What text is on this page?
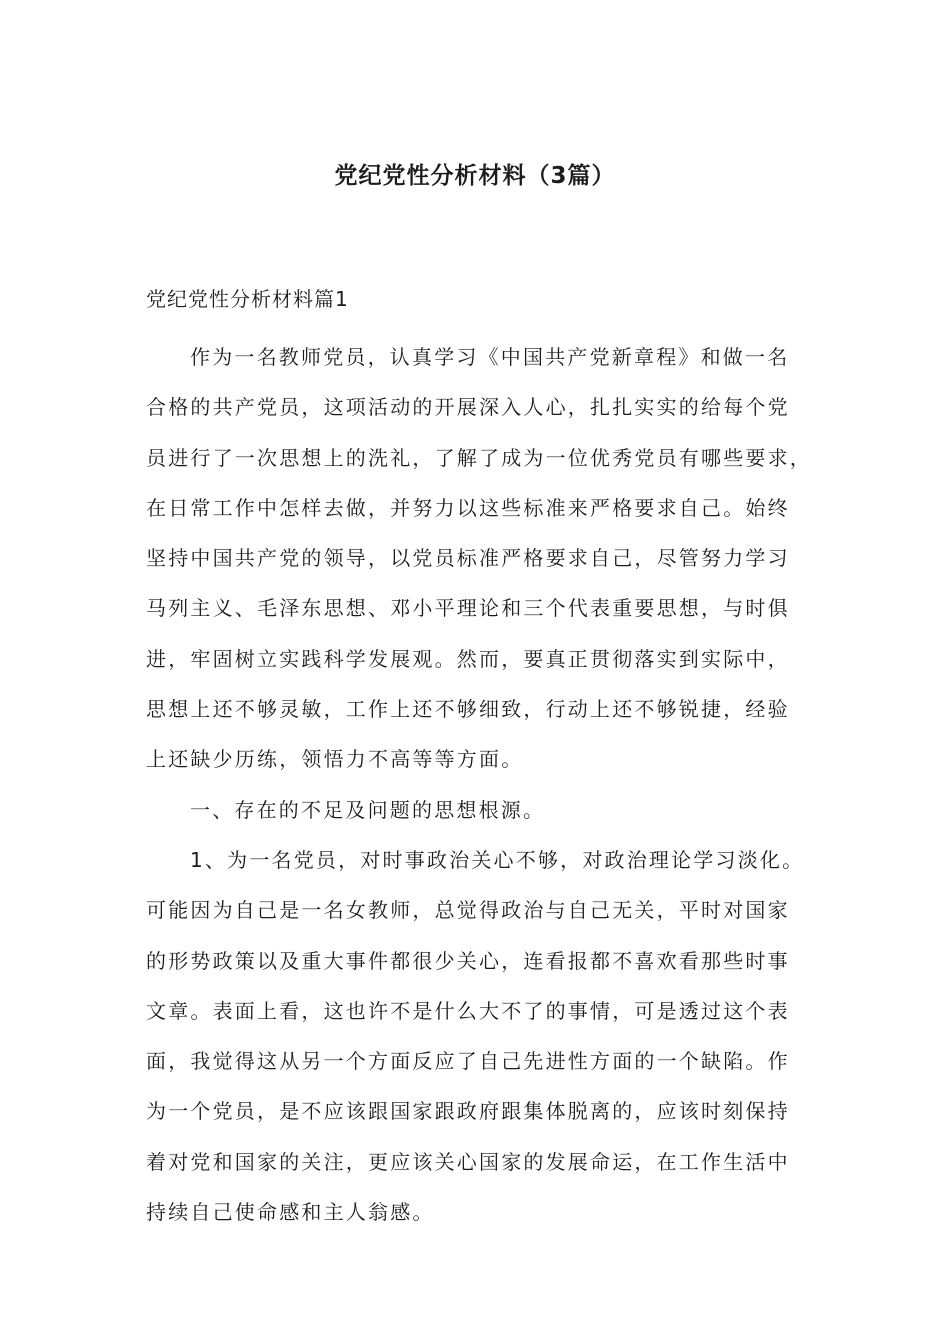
党纪党性分析材料（3篇）

党纪党性分析材料篇1

作为一名教师党员，认真学习《中国共产党新章程》和做一名
合格的共产党员，这项活动的开展深入人心，扎扎实实的给每个党
员进行了一次思想上的洗礼，了解了成为一位优秀党员有哪些要求，
在日常工作中怎样去做，并努力以这些标准来严格要求自己。始终
坚持中国共产党的领导，以党员标准严格要求自己，尽管努力学习
马列主义、毛泽东思想、邓小平理论和三个代表重要思想，与时俱
进，牢固树立实践科学发展观。然而，要真正贯彻落实到实际中，
思想上还不够灵敏，工作上还不够细致，行动上还不够锐捷，经验
上还缺少历练，领悟力不高等等方面。
一、存在的不足及问题的思想根源。
1、为一名党员，对时事政治关心不够，对政治理论学习淡化。
可能因为自己是一名女教师，总觉得政治与自己无关，平时对国家
的形势政策以及重大事件都很少关心，连看报都不喜欢看那些时事
文章。表面上看，这也许不是什么大不了的事情，可是透过这个表
面，我觉得这从另一个方面反应了自己先进性方面的一个缺陷。作
为一个党员，是不应该跟国家跟政府跟集体脱离的，应该时刻保持
着对党和国家的关注，更应该关心国家的发展命运，在工作生活中
持续自己使命感和主人翁感。
